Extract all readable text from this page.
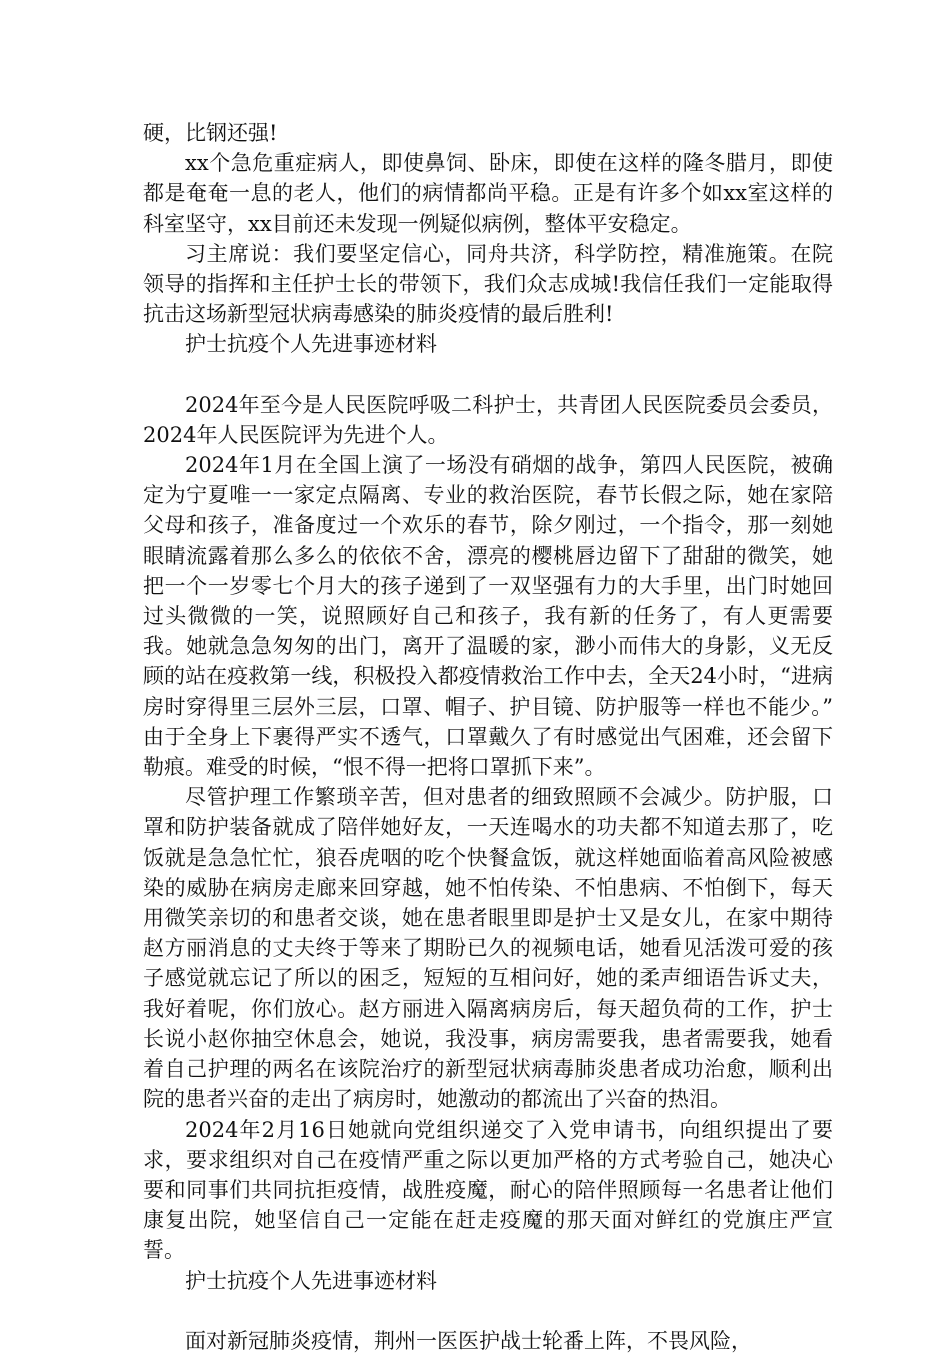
硬，比钢还强!

xx个急危重症病人，即使鼻饲、卧床，即使在这样的隆冬腊月，即使都是奄奄一息的老人，他们的病情都尚平稳。正是有许多个如xx室这样的科室坚守，xx目前还未发现一例疑似病例，整体平安稳定。

习主席说：我们要坚定信心，同舟共济，科学防控，精准施策。在院领导的指挥和主任护士长的带领下，我们众志成城!我信任我们一定能取得抗击这场新型冠状病毒感染的肺炎疫情的最后胜利!

护士抗疫个人先进事迹材料

2024年至今是人民医院呼吸二科护士，共青团人民医院委员会委员，2024年人民医院评为先进个人。

2024年1月在全国上演了一场没有硝烟的战争，第四人民医院，被确定为宁夏唯一一家定点隔离、专业的救治医院，春节长假之际，她在家陪父母和孩子，准备度过一个欢乐的春节，除夕刚过，一个指令，那一刻她眼睛流露着那么多么的依依不舍，漂亮的樱桃唇边留下了甜甜的微笑，她把一个一岁零七个月大的孩子递到了一双坚强有力的大手里，出门时她回过头微微的一笑，说照顾好自己和孩子，我有新的任务了，有人更需要我。她就急急匆匆的出门，离开了温暖的家，渺小而伟大的身影，义无反顾的站在疫救第一线，积极投入都疫情救治工作中去，全天24小时，“进病房时穿得里三层外三层，口罩、帽子、护目镜、防护服等一样也不能少。” 由于全身上下裹得严实不透气，口罩戴久了有时感觉出气困难，还会留下勒痕。难受的时候，“恨不得一把将口罩抓下来”。

尽管护理工作繁琐辛苦，但对患者的细致照顾不会减少。防护服，口罩和防护装备就成了陪伴她好友，一天连喝水的功夫都不知道去那了，吃饭就是急急忙忙，狼吞虎咽的吃个快餐盒饭，就这样她面临着高风险被感染的威胁在病房走廊来回穿越，她不怕传染、不怕患病、不怕倒下，每天用微笑亲切的和患者交谈，她在患者眼里即是护士又是女儿，在家中期待赵方丽消息的丈夫终于等来了期盼已久的视频电话，她看见活泼可爱的孩子感觉就忘记了所以的困乏，短短的互相问好，她的柔声细语告诉丈夫，我好着呢，你们放心。赵方丽进入隔离病房后，每天超负荷的工作，护士长说小赵你抽空休息会，她说，我没事，病房需要我，患者需要我，她看着自己护理的两名在该院治疗的新型冠状病毒肺炎患者成功治愈，顺利出院的患者兴奋的走出了病房时，她激动的都流出了兴奋的热泪。

2024年2月16日她就向党组织递交了入党申请书，向组织提出了要求，要求组织对自己在疫情严重之际以更加严格的方式考验自己，她决心要和同事们共同抗拒疫情，战胜疫魔，耐心的陪伴照顾每一名患者让他们康复出院，她坚信自己一定能在赶走疫魔的那天面对鲜红的党旗庄严宣誓。

护士抗疫个人先进事迹材料

面对新冠肺炎疫情，荆州一医医护战士轮番上阵，不畏风险，
